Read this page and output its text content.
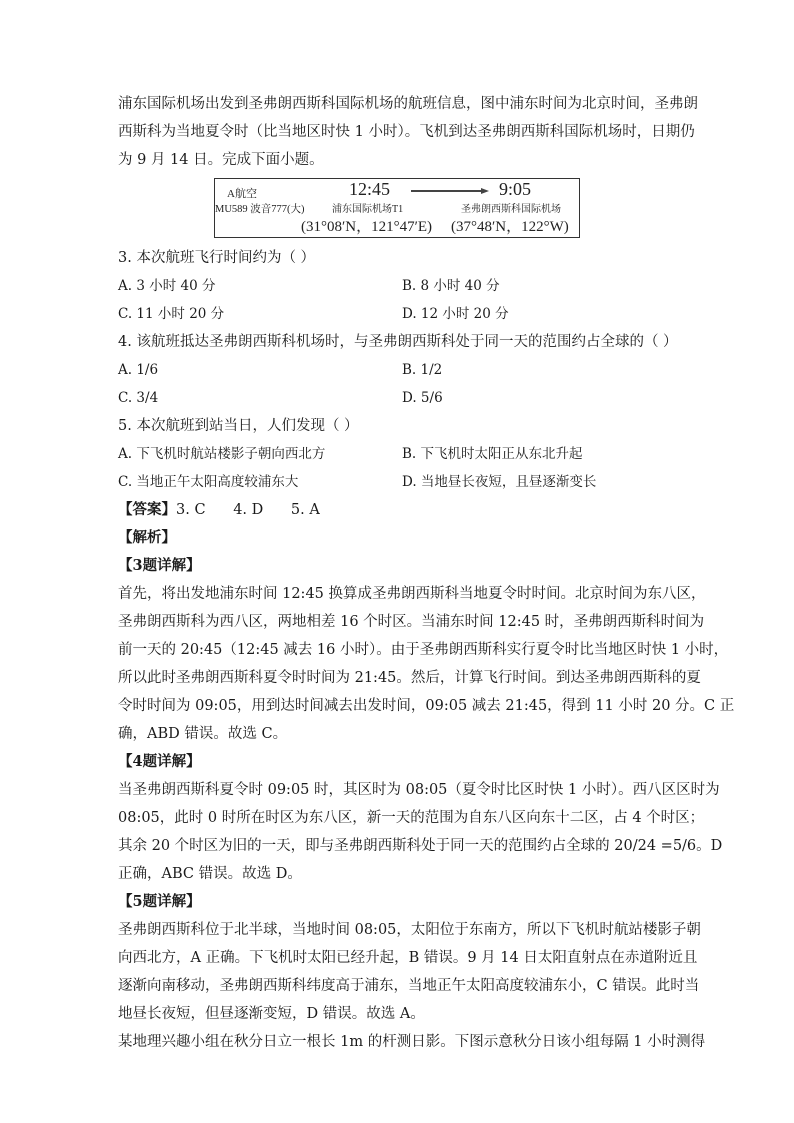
浦东国际机场出发到圣弗朗西斯科国际机场的航班信息，图中浦东时间为北京时间，圣弗朗

西斯科为当地夏令时（比当地区时快 1 小时）。飞机到达圣弗朗西斯科国际机场时，日期仍

为 9 月 14 日。完成下面小题。

A航空
MU589 波音777(大)
12:45	9:05
浦东国际机场T1	圣弗朗西斯科国际机场
(31°08′N，121°47′E) (37°48′N，122°W)

3. 本次航班飞行时间约为（ ）

A. 3 小时 40 分	B. 8 小时 40 分
C. 11 小时 20 分	D. 12 小时 20 分

4. 该航班抵达圣弗朗西斯科机场时，与圣弗朗西斯科处于同一天的范围约占全球的（ ）

A. 1/6	B. 1/2
C. 3/4	D. 5/6

5. 本次航班到站当日，人们发现（ ）

A. 下飞机时航站楼影子朝向西北方	B. 下飞机时太阳正从东北升起
C. 当地正午太阳高度较浦东大	D. 当地昼长夜短，且昼逐渐变长

【答案】3. C      4. D      5. A

【解析】

【3题详解】

首先，将出发地浦东时间 12:45 换算成圣弗朗西斯科当地夏令时时间。北京时间为东八区，

圣弗朗西斯科为西八区，两地相差 16 个时区。当浦东时间 12:45 时，圣弗朗西斯科时间为

前一天的 20:45（12:45 减去 16 小时）。由于圣弗朗西斯科实行夏令时比当地区时快 1 小时，

所以此时圣弗朗西斯科夏令时时间为 21:45。然后，计算飞行时间。到达圣弗朗西斯科的夏

令时时间为 09:05，用到达时间减去出发时间，09:05 减去 21:45，得到 11 小时 20 分。C 正

确，ABD 错误。故选 C。

【4题详解】

当圣弗朗西斯科夏令时 09:05 时，其区时为 08:05（夏令时比区时快 1 小时）。西八区区时为

08:05，此时 0 时所在时区为东八区，新一天的范围为自东八区向东十二区，占 4 个时区；

其余 20 个时区为旧的一天，即与圣弗朗西斯科处于同一天的范围约占全球的 20/24 =5/6。D

正确，ABC 错误。故选 D。

【5题详解】

圣弗朗西斯科位于北半球，当地时间 08:05，太阳位于东南方，所以下飞机时航站楼影子朝

向西北方，A 正确。下飞机时太阳已经升起，B 错误。9 月 14 日太阳直射点在赤道附近且

逐渐向南移动，圣弗朗西斯科纬度高于浦东，当地正午太阳高度较浦东小，C 错误。此时当

地昼长夜短，但昼逐渐变短，D 错误。故选 A。

某地理兴趣小组在秋分日立一根长 1m 的杆测日影。下图示意秋分日该小组每隔 1 小时测得
